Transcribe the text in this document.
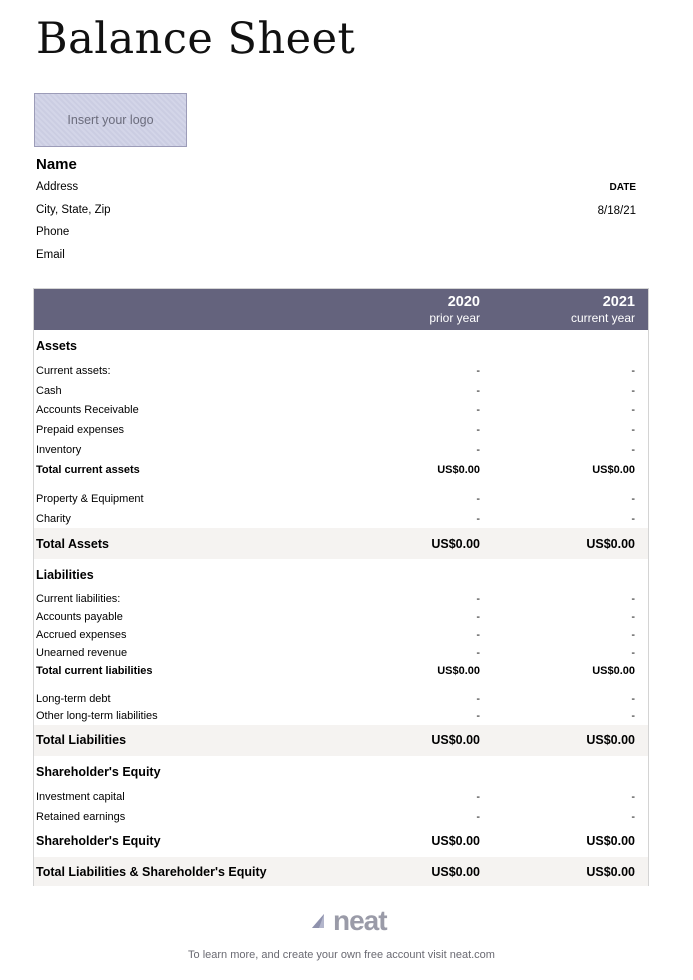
Balance Sheet
Insert your logo
Name
Address
City, State, Zip
Phone
Email
DATE
8/18/21
2020
prior year
2021
current year
Assets
Current assets:	-	-
Cash	-	-
Accounts Receivable	-	-
Prepaid expenses	-	-
Inventory	-	-
Total current assets	US$0.00	US$0.00
Property & Equipment	-	-
Charity	-	-
Total Assets	US$0.00	US$0.00
Liabilities
Current liabilities:	-	-
Accounts payable	-	-
Accrued expenses	-	-
Unearned revenue	-	-
Total current liabilities	US$0.00	US$0.00
Long-term debt	-	-
Other long-term liabilities	-	-
Total Liabilities	US$0.00	US$0.00
Shareholder's Equity
Investment capital	-	-
Retained earnings	-	-
Shareholder's Equity	US$0.00	US$0.00
Total Liabilities & Shareholder's Equity	US$0.00	US$0.00
neat
To learn more, and create your own free account visit neat.com
